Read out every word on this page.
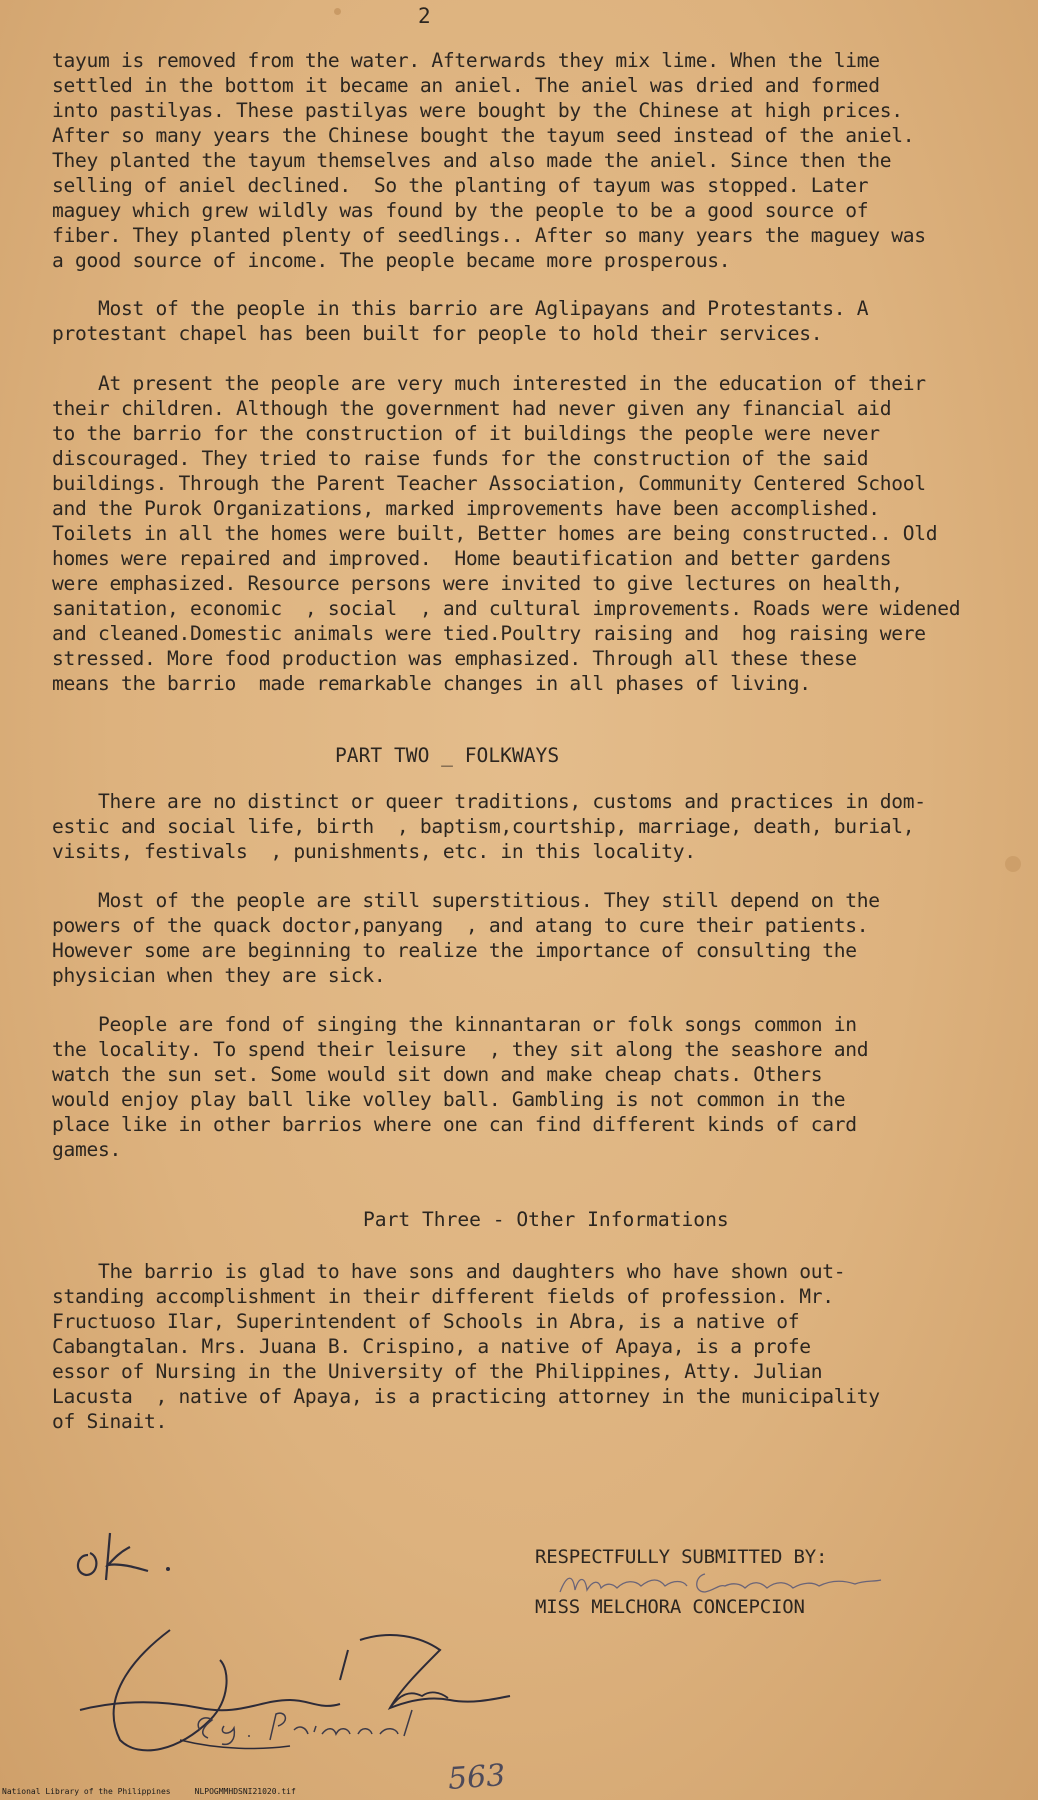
2
tayum is removed from the water. Afterwards they mix lime. When the lime
settled in the bottom it became an aniel. The aniel was dried and formed
into pastilyas. These pastilyas were bought by the Chinese at high prices.
After so many years the Chinese bought the tayum seed instead of the aniel.
They planted the tayum themselves and also made the aniel. Since then the
selling of aniel declined.  So the planting of tayum was stopped. Later
maguey which grew wildly was found by the people to be a good source of
fiber. They planted plenty of seedlings.. After so many years the maguey was
a good source of income. The people became more prosperous.
Most of the people in this barrio are Aglipayans and Protestants. A
protestant chapel has been built for people to hold their services.
At present the people are very much interested in the education of their
their children. Although the government had never given any financial aid
to the barrio for the construction of it buildings the people were never
discouraged. They tried to raise funds for the construction of the said
buildings. Through the Parent Teacher Association, Community Centered School
and the Purok Organizations, marked improvements have been accomplished.
Toilets in all the homes were built, Better homes are being constructed.. Old
homes were repaired and improved.  Home beautification and better gardens
were emphasized. Resource persons were invited to give lectures on health,
sanitation, economic  , social  , and cultural improvements. Roads were widened
and cleaned.Domestic animals were tied.Poultry raising and  hog raising were
stressed. More food production was emphasized. Through all these these
means the barrio  made remarkable changes in all phases of living.
PART TWO _ FOLKWAYS
There are no distinct or queer traditions, customs and practices in dom-
estic and social life, birth  , baptism,courtship, marriage, death, burial,
visits, festivals  , punishments, etc. in this locality.
Most of the people are still superstitious. They still depend on the
powers of the quack doctor,panyang  , and atang to cure their patients.
However some are beginning to realize the importance of consulting the
physician when they are sick.
People are fond of singing the kinnantaran or folk songs common in
the locality. To spend their leisure  , they sit along the seashore and
watch the sun set. Some would sit down and make cheap chats. Others
would enjoy play ball like volley ball. Gambling is not common in the
place like in other barrios where one can find different kinds of card
games.
Part Three - Other Informations
The barrio is glad to have sons and daughters who have shown out-
standing accomplishment in their different fields of profession. Mr.
Fructuoso Ilar, Superintendent of Schools in Abra, is a native of
Cabangtalan. Mrs. Juana B. Crispino, a native of Apaya, is a profe
essor of Nursing in the University of the Philippines, Atty. Julian
Lacusta  , native of Apaya, is a practicing attorney in the municipality
of Sinait.
RESPECTFULLY SUBMITTED BY:
MISS MELCHORA CONCEPCION
563
National Library of the Philippines     NLPOGMMHDSNI21020.tif
